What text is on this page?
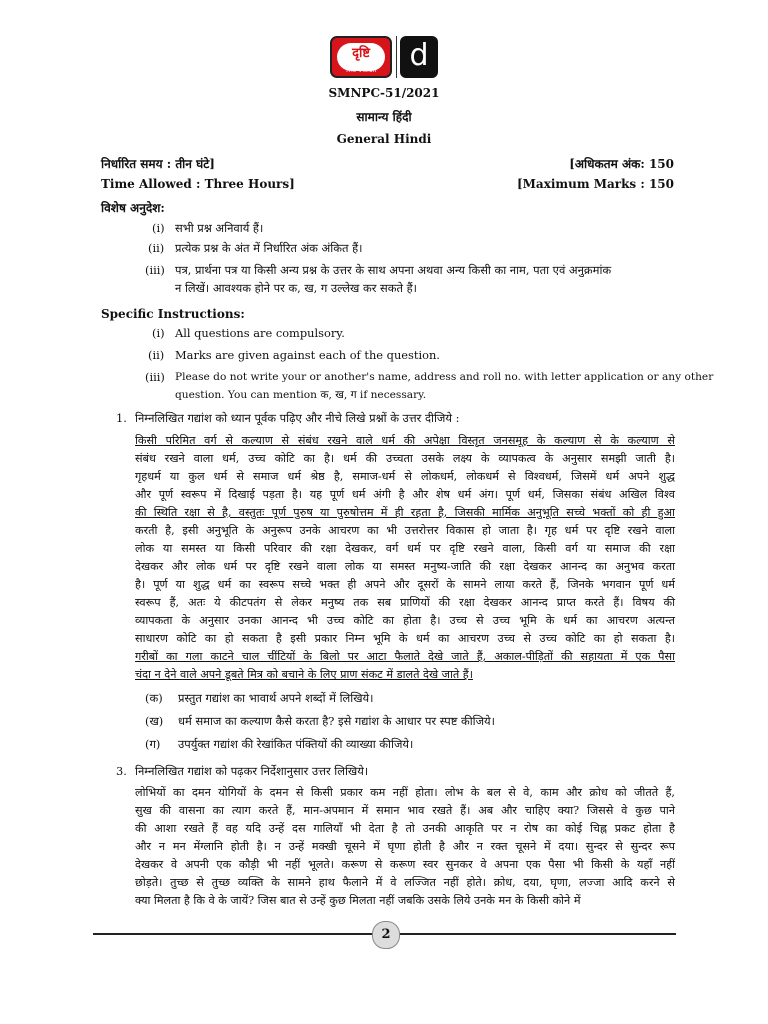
दृष्टि
The Vision	d
SMNPC-51/2021
सामान्य हिंदी
General Hindi
निर्धारित समय : तीन घंटे]	[अधिकतम अंक: 150
Time Allowed : Three Hours]	[Maximum Marks : 150
विशेष अनुदेश:
(i) सभी प्रश्न अनिवार्य हैं।
(ii) प्रत्येक प्रश्न के अंत में निर्धारित अंक अंकित हैं।
(iii) पत्र, प्रार्थना पत्र या किसी अन्य प्रश्न के उत्तर के साथ अपना अथवा अन्य किसी का नाम, पता एवं अनुक्रमांक
न लिखें। आवश्यक होने पर क, ख, ग उल्लेख कर सकते हैं।
Specific Instructions:
(i) All questions are compulsory.
(ii) Marks are given against each of the question.
(iii) Please do not write your or another's name, address and roll no. with letter application or any other
question. You can mention क, ख, ग if necessary.
1. निम्नलिखित गद्यांश को ध्यान पूर्वक पढ़िए और नीचे लिखे प्रश्नों के उत्तर दीजिये :
किसी परिमित वर्ग से कल्याण से संबंध रखने वाले धर्म की अपेक्षा विस्तृत जनसमूह के कल्याण से के कल्याण से
संबंध रखने वाला धर्म, उच्च कोटि का है। धर्म की उच्चता उसके लक्ष्य के व्यापकत्व के अनुसार समझी जाती है।
गृहधर्म या कुल धर्म से समाज धर्म श्रेष्ठ है, समाज-धर्म से लोकधर्म, लोकधर्म से विश्वधर्म, जिसमें धर्म अपने शुद्ध
और पूर्ण स्वरूप में दिखाई पड़ता है। यह पूर्ण धर्म अंगी है और शेष धर्म अंग। पूर्ण धर्म, जिसका संबंध अखिल विश्व
की स्थिति रक्षा से है, वस्तुतः पूर्ण पुरुष या पुरुषोत्तम में ही रहता है, जिसकी मार्मिक अनुभूति सच्चे भक्तों को ही हुआ
करती है, इसी अनुभूति के अनुरूप उनके आचरण का भी उत्तरोत्तर विकास हो जाता है। गृह धर्म पर दृष्टि रखने वाला
लोक या समस्त या किसी परिवार की रक्षा देखकर, वर्ग धर्म पर दृष्टि रखने वाला, किसी वर्ग या समाज की रक्षा
देखकर और लोक धर्म पर दृष्टि रखने वाला लोक या समस्त मनुष्य-जाति की रक्षा देखकर आनन्द का अनुभव करता
है। पूर्ण या शुद्ध धर्म का स्वरूप सच्चे भक्त ही अपने और दूसरों के सामने लाया करते हैं, जिनके भगवान पूर्ण धर्म
स्वरूप हैं, अतः ये कीटपतंग से लेकर मनुष्य तक सब प्राणियों की रक्षा देखकर आनन्द प्राप्त करते हैं। विषय की
व्यापकता के अनुसार उनका आनन्द भी उच्च कोटि का होता है। उच्च से उच्च भूमि के धर्म का आचरण अत्यन्त
साधारण कोटि का हो सकता है इसी प्रकार निम्न भूमि के धर्म का आचरण उच्च से उच्च कोटि का हो सकता है।
गरीबों का गला काटने चाल चींटियों के बिलो पर आटा फैलाते देखे जाते हैं, अकाल-पीड़ितों की सहायता में एक पैसा
चंदा न देने वाले अपने डूबते मित्र को बचाने के लिए प्राण संकट में डालते देखे जाते हैं।
(क) प्रस्तुत गद्यांश का भावार्थ अपने शब्दों में लिखिये।
(ख) धर्म समाज का कल्याण कैसे करता है? इसे गद्यांश के आधार पर स्पष्ट कीजिये।
(ग) उपर्युक्त गद्यांश की रेखांकित पंक्तियों की व्याख्या कीजिये।
3. निम्नलिखित गद्यांश को पढ़कर निर्देशानुसार उत्तर लिखिये।
लोभियों का दमन योगियों के दमन से किसी प्रकार कम नहीं होता। लोभ के बल से वे, काम और क्रोध को जीतते हैं,
सुख की वासना का त्याग करते हैं, मान-अपमान में समान भाव रखते हैं। अब और चाहिए क्या? जिससे वे कुछ पाने
की आशा रखते हैं वह यदि उन्हें दस गालियाँ भी देता है तो उनकी आकृति पर न रोष का कोई चिह्न प्रकट होता है
और न मन मेंग्लानि होती है। न उन्हें मक्खी चूसने में घृणा होती है और न रक्त चूसने में दया। सुन्दर से सुन्दर रूप
देखकर वे अपनी एक कौड़ी भी नहीं भूलते। करूण से करूण स्वर सुनकर वे अपना एक पैसा भी किसी के यहाँ नहीं
छोड़ते। तुच्छ से तुच्छ व्यक्ति के सामने हाथ फैलाने में वे लज्जित नहीं होते। क्रोध, दया, घृणा, लज्जा आदि करने से
क्या मिलता है कि वे के जायें? जिस बात से उन्हें कुछ मिलता नहीं जबकि उसके लिये उनके मन के किसी कोने में
2
